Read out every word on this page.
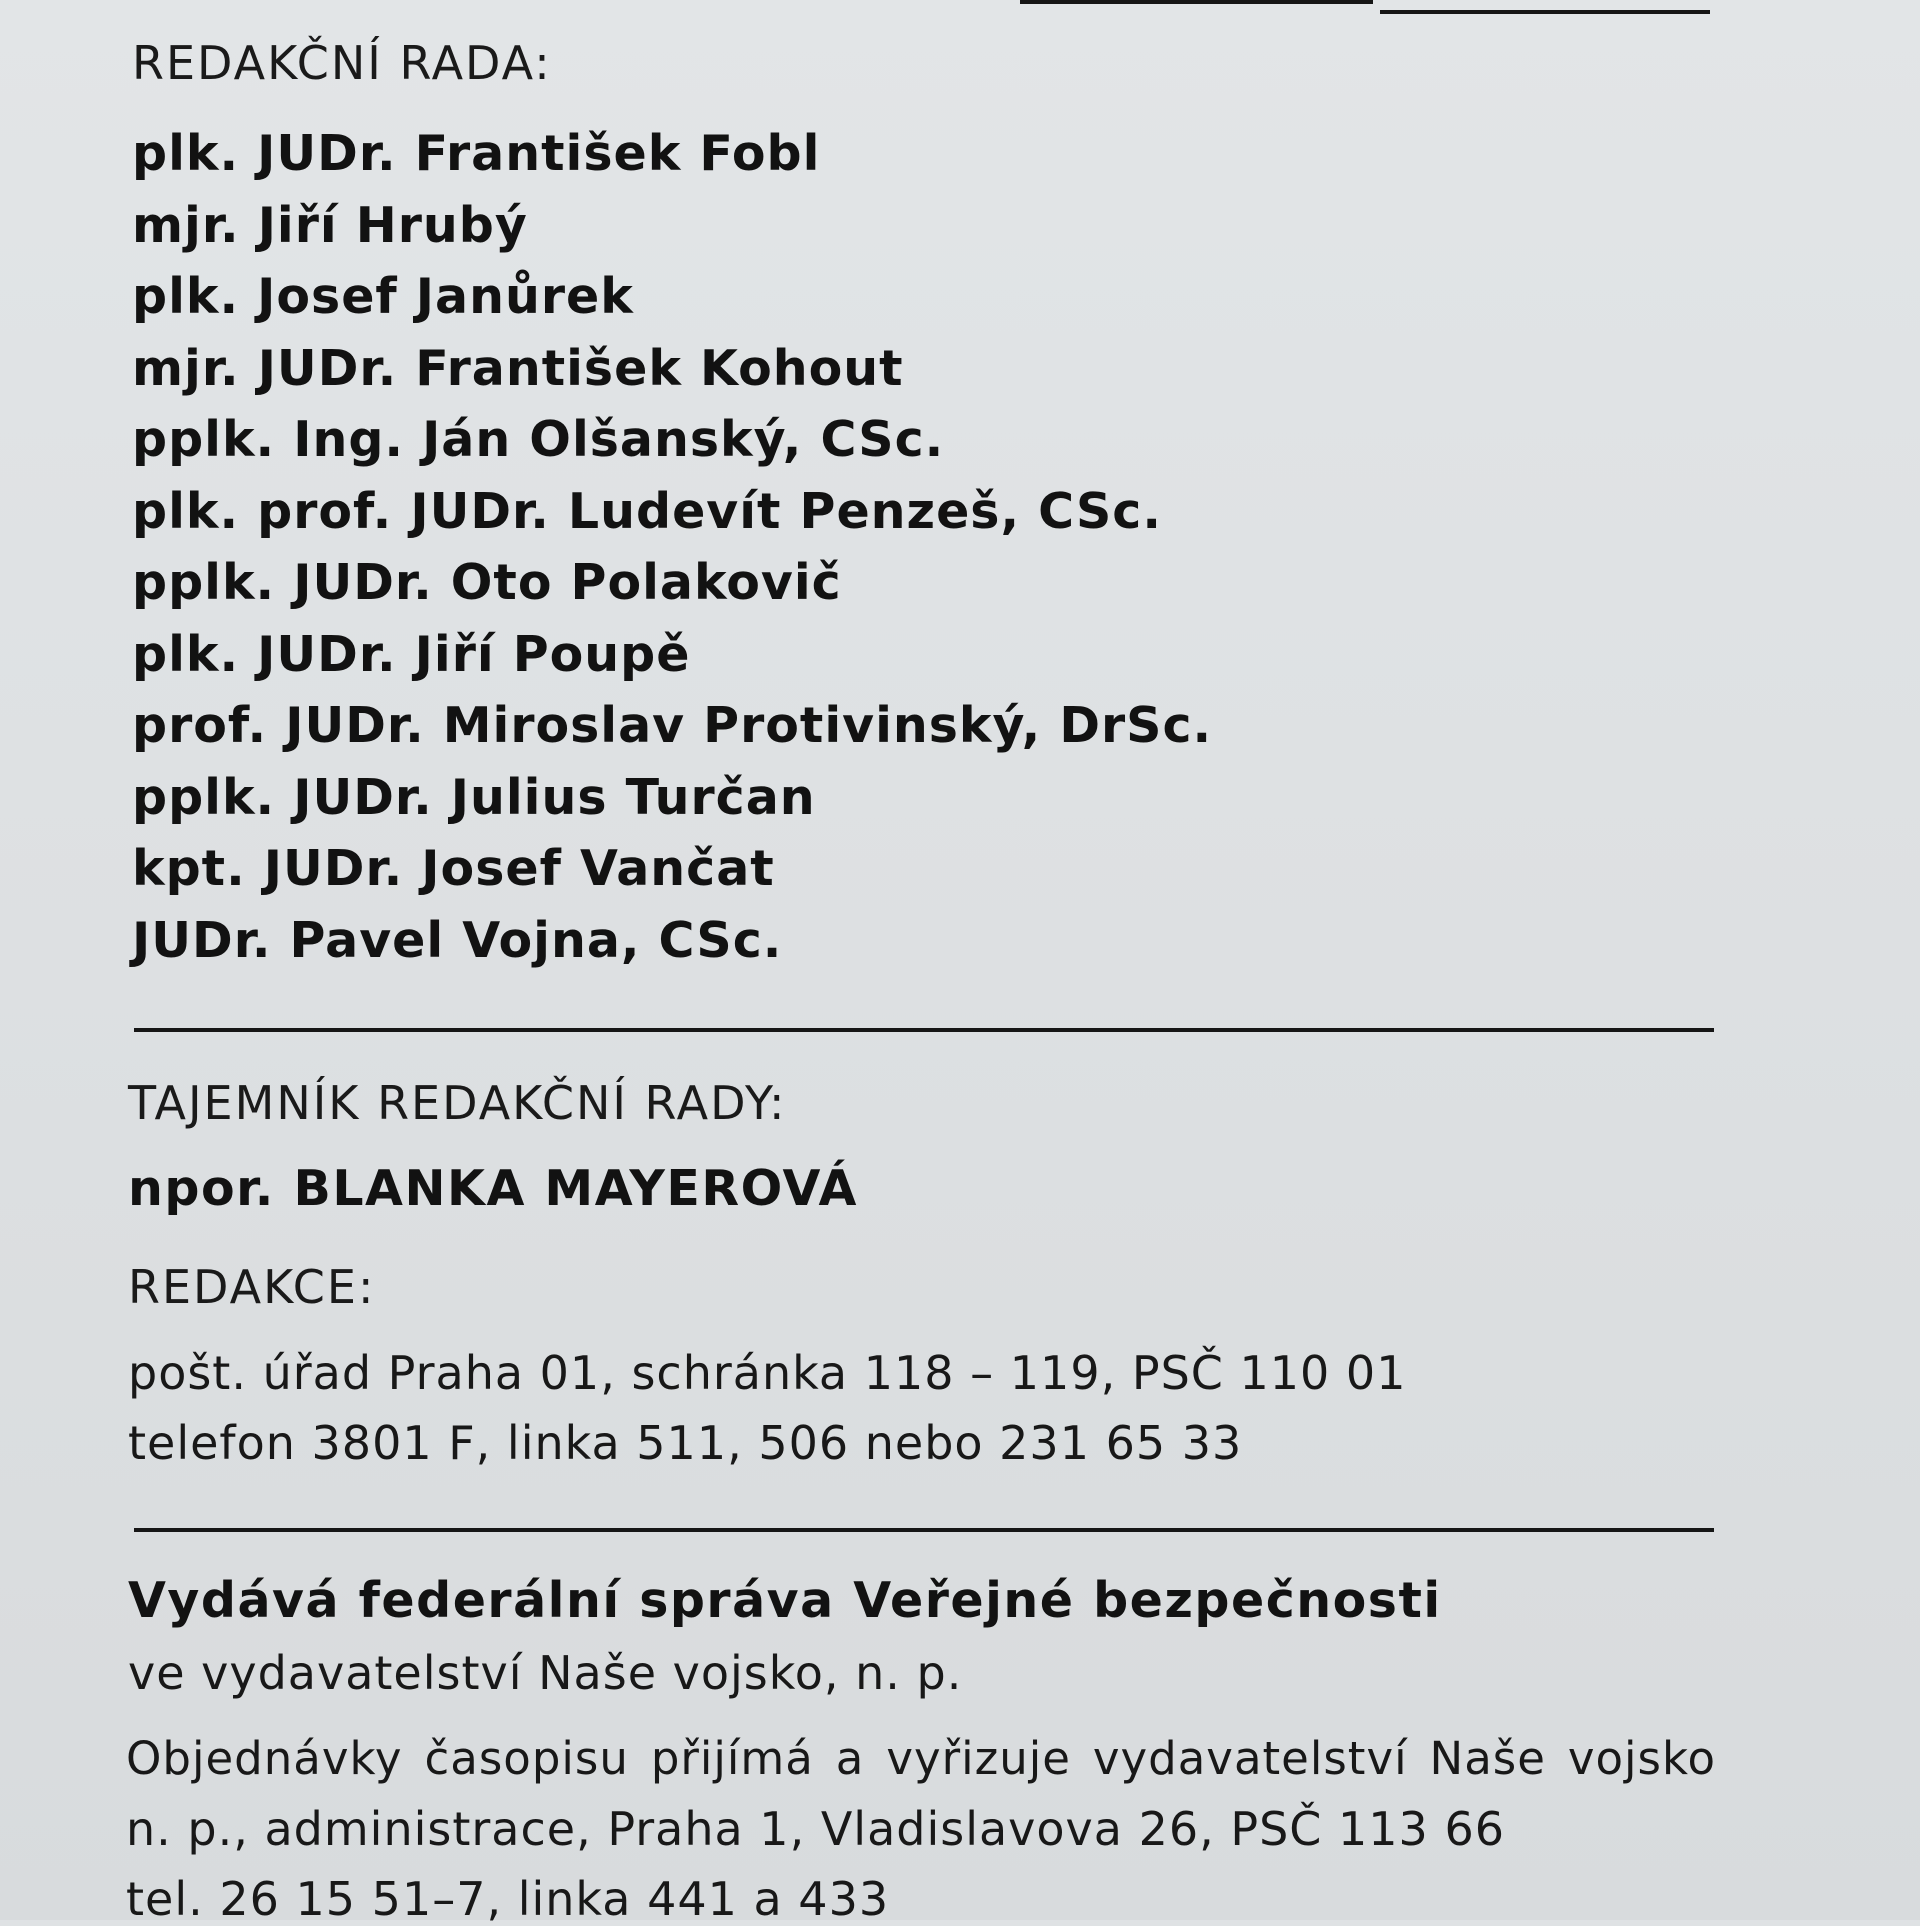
REDAKČNÍ RADA:
plk. JUDr. František Fobl
mjr. Jiří Hrubý
plk. Josef Janůrek
mjr. JUDr. František Kohout
pplk. Ing. Ján Olšanský, CSc.
plk. prof. JUDr. Ludevít Penzeš, CSc.
pplk. JUDr. Oto Polakovič
plk. JUDr. Jiří Poupě
prof. JUDr. Miroslav Protivinský, DrSc.
pplk. JUDr. Julius Turčan
kpt. JUDr. Josef Vančat
JUDr. Pavel Vojna, CSc.
TAJEMNÍK REDAKČNÍ RADY:
npor. BLANKA MAYEROVÁ
REDAKCE:
pošt. úřad Praha 01, schránka 118 – 119, PSČ 110 01
telefon 3801 F, linka 511, 506 nebo 231 65 33
Vydává federální správa Veřejné bezpečnosti
ve vydavatelství Naše vojsko, n. p.
Objednávky časopisu přijímá a vyřizuje vydavatelství Naše vojsko
n. p., administrace, Praha 1, Vladislavova 26, PSČ 113 66
tel. 26 15 51–7, linka 441 a 433
